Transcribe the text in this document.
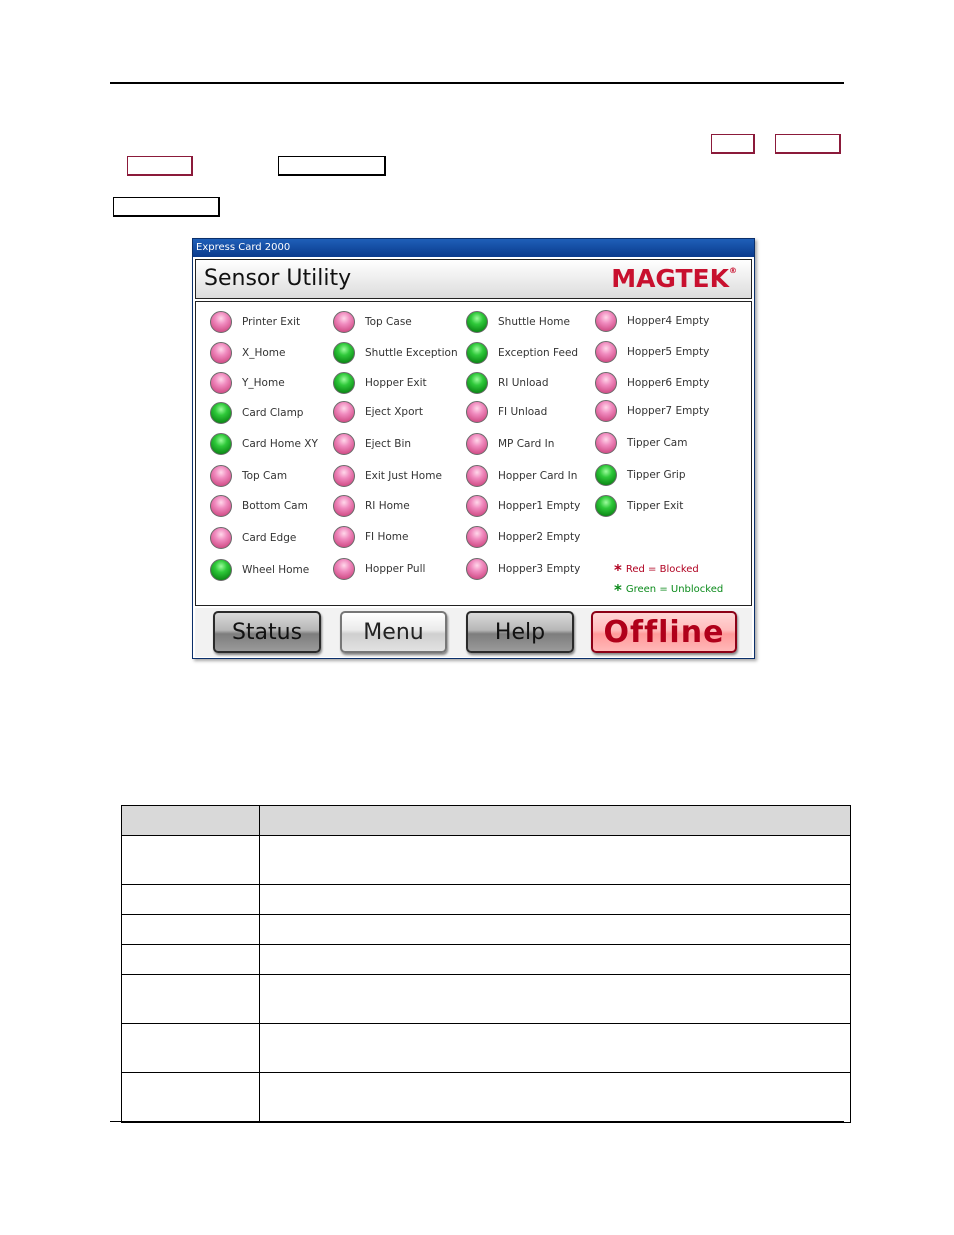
Express Card 2000
Sensor Utility	MAGTEK®
* Red = Blocked
* Green = Unblocked
Printer Exit
X_Home
Y_Home
Card Clamp
Card Home XY
Top Cam
Bottom Cam
Card Edge
Wheel Home
Top Case
Shuttle Exception
Hopper Exit
Eject Xport
Eject Bin
Exit Just Home
RI Home
FI Home
Hopper Pull
Shuttle Home
Exception Feed
RI Unload
FI Unload
MP Card In
Hopper Card In
Hopper1 Empty
Hopper2 Empty
Hopper3 Empty
Hopper4 Empty
Hopper5 Empty
Hopper6 Empty
Hopper7 Empty
Tipper Cam
Tipper Grip
Tipper Exit
Status	Menu	Help	Offline
